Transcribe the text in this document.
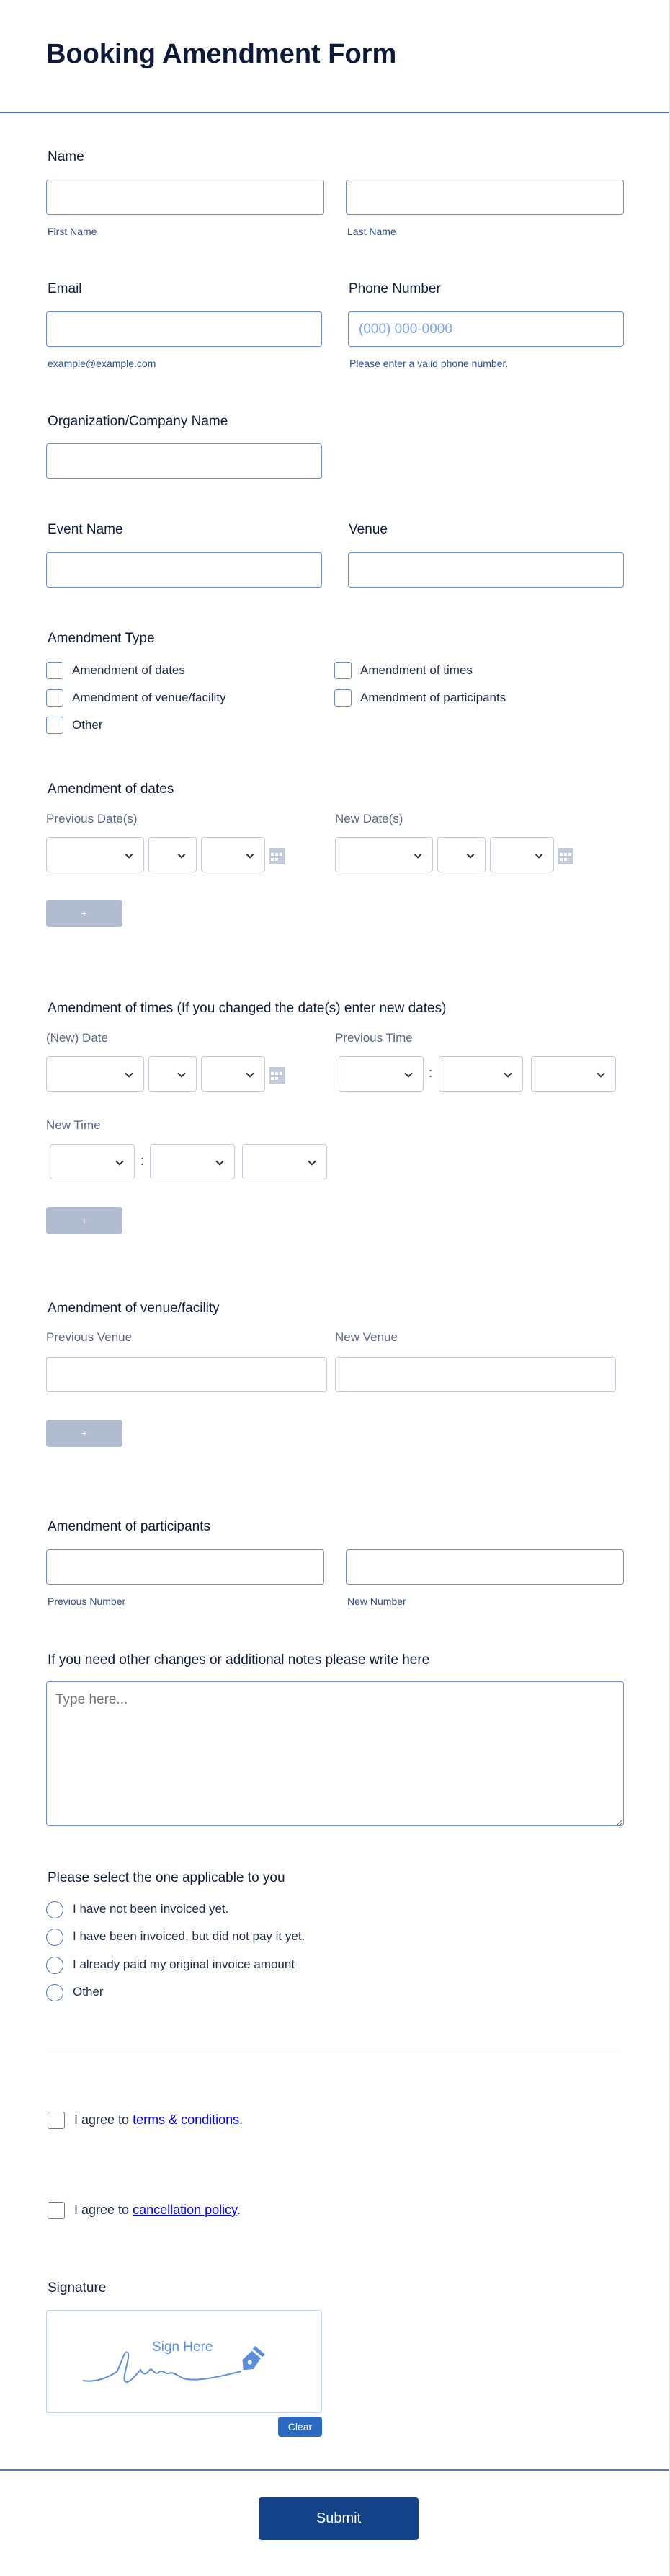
Booking Amendment Form
Name
First Name	Last Name
Email	Phone Number
(000) 000-0000
example@example.com	Please enter a valid phone number.
Organization/Company Name
Event Name	Venue
Amendment Type
Amendment of dates	Amendment of times
Amendment of venue/facility	Amendment of participants
Other
Amendment of dates
Previous Date(s)	New Date(s)
+
Amendment of times (If you changed the date(s) enter new dates)
(New) Date	Previous Time
:
New Time
:
+
Amendment of venue/facility
Previous Venue	New Venue
+
Amendment of participants
Previous Number	New Number
If you need other changes or additional notes please write here
Type here...
Please select the one applicable to you
I have not been invoiced yet.
I have been invoiced, but did not pay it yet.
I already paid my original invoice amount
Other
I agree to terms & conditions.
I agree to cancellation policy.
Signature
Sign Here
Clear
Submit
